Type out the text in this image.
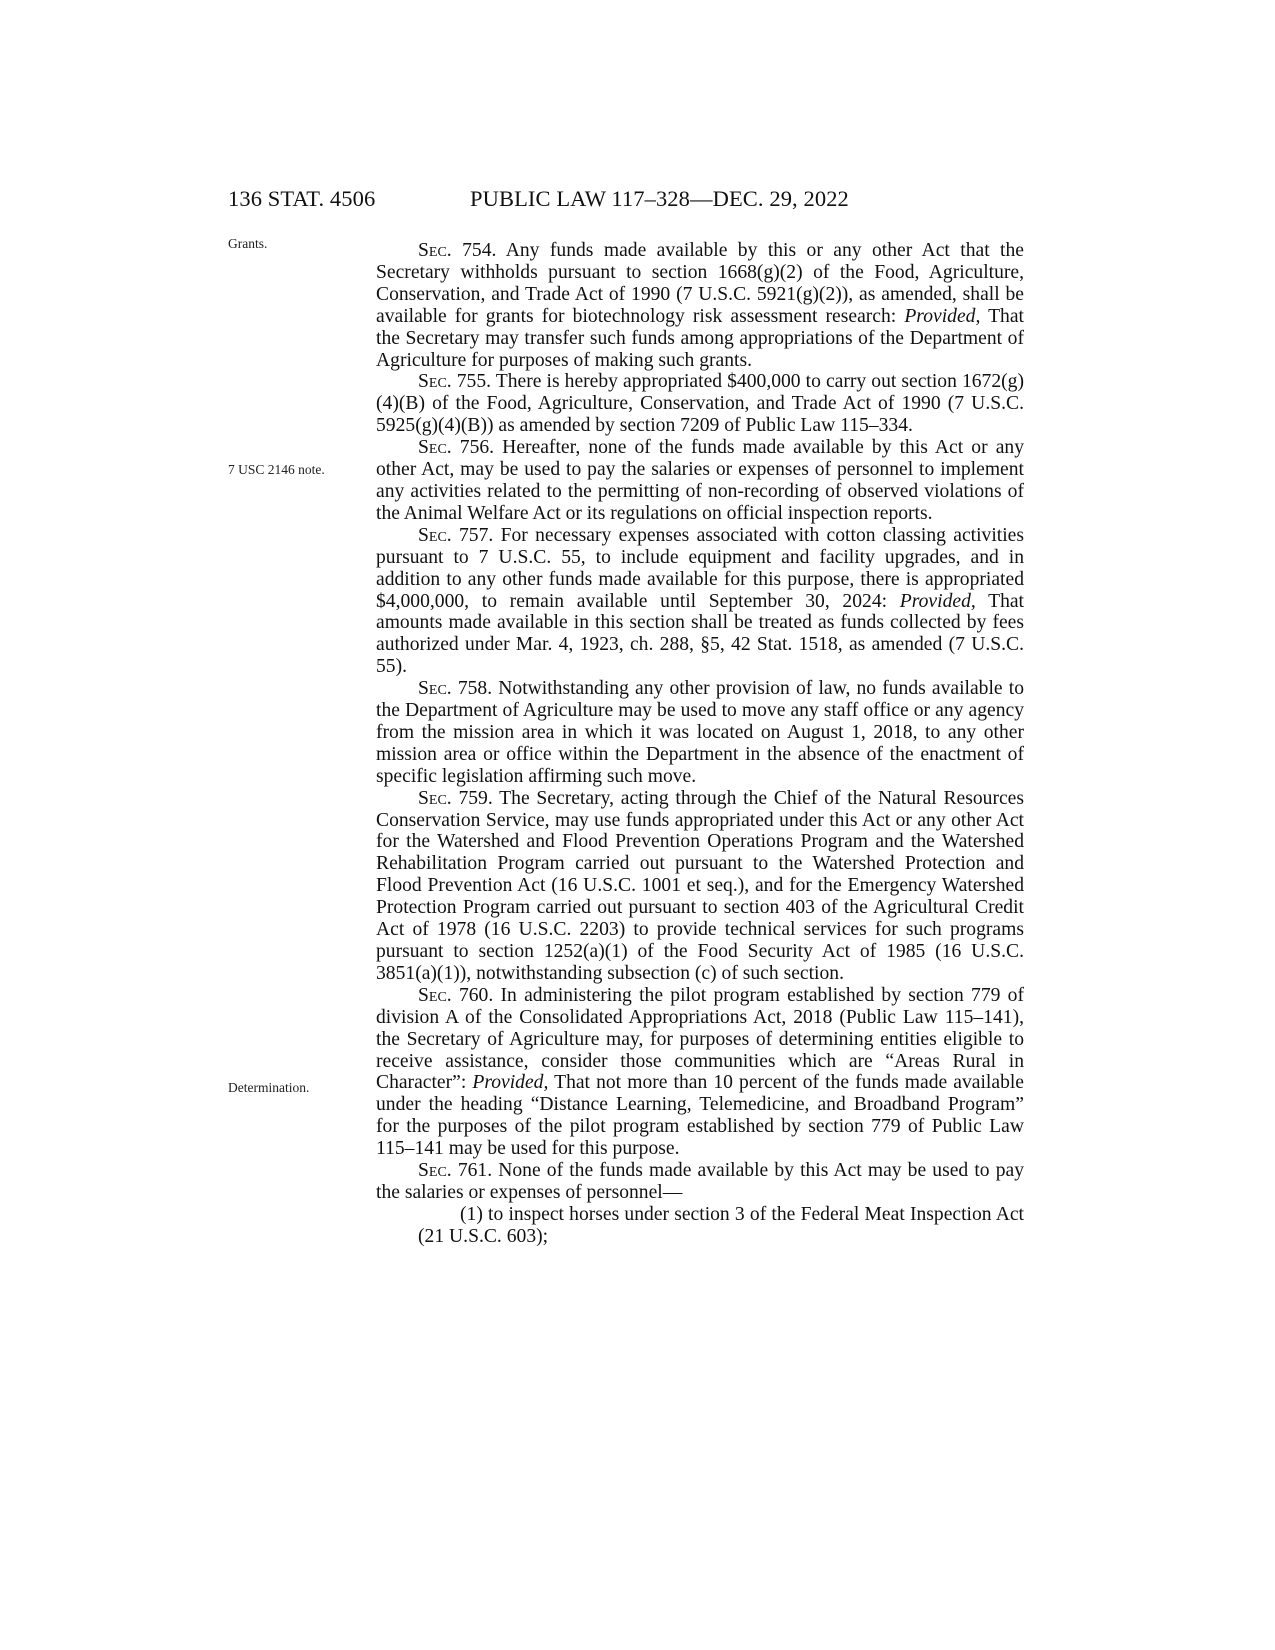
136 STAT. 4506	PUBLIC LAW 117–328—DEC. 29, 2022
Grants.
7 USC 2146 note.
Determination.

Sec. 754. Any funds made available by this or any other Act that the Secretary withholds pursuant to section 1668(g)(2) of the Food, Agriculture, Conservation, and Trade Act of 1990 (7 U.S.C. 5921(g)(2)), as amended, shall be available for grants for biotechnology risk assessment research: Provided, That the Secretary may transfer such funds among appropriations of the Department of Agriculture for purposes of making such grants.

Sec. 755. There is hereby appropriated $400,000 to carry out section 1672(g)(4)(B) of the Food, Agriculture, Conservation, and Trade Act of 1990 (7 U.S.C. 5925(g)(4)(B)) as amended by section 7209 of Public Law 115–334.

Sec. 756. Hereafter, none of the funds made available by this Act or any other Act, may be used to pay the salaries or expenses of personnel to implement any activities related to the permitting of non-recording of observed violations of the Animal Welfare Act or its regulations on official inspection reports.

Sec. 757. For necessary expenses associated with cotton classing activities pursuant to 7 U.S.C. 55, to include equipment and facility upgrades, and in addition to any other funds made available for this purpose, there is appropriated $4,000,000, to remain available until September 30, 2024: Provided, That amounts made available in this section shall be treated as funds collected by fees authorized under Mar. 4, 1923, ch. 288, §5, 42 Stat. 1518, as amended (7 U.S.C. 55).

Sec. 758. Notwithstanding any other provision of law, no funds available to the Department of Agriculture may be used to move any staff office or any agency from the mission area in which it was located on August 1, 2018, to any other mission area or office within the Department in the absence of the enactment of specific legislation affirming such move.

Sec. 759. The Secretary, acting through the Chief of the Natural Resources Conservation Service, may use funds appropriated under this Act or any other Act for the Watershed and Flood Prevention Operations Program and the Watershed Rehabilitation Program carried out pursuant to the Watershed Protection and Flood Prevention Act (16 U.S.C. 1001 et seq.), and for the Emergency Watershed Protection Program carried out pursuant to section 403 of the Agricultural Credit Act of 1978 (16 U.S.C. 2203) to provide technical services for such programs pursuant to section 1252(a)(1) of the Food Security Act of 1985 (16 U.S.C. 3851(a)(1)), notwithstanding subsection (c) of such section.

Sec. 760. In administering the pilot program established by section 779 of division A of the Consolidated Appropriations Act, 2018 (Public Law 115–141), the Secretary of Agriculture may, for purposes of determining entities eligible to receive assistance, consider those communities which are “Areas Rural in Character”: Provided, That not more than 10 percent of the funds made available under the heading “Distance Learning, Telemedicine, and Broadband Program” for the purposes of the pilot program established by section 779 of Public Law 115–141 may be used for this purpose.

Sec. 761. None of the funds made available by this Act may be used to pay the salaries or expenses of personnel—

(1) to inspect horses under section 3 of the Federal Meat Inspection Act (21 U.S.C. 603);
